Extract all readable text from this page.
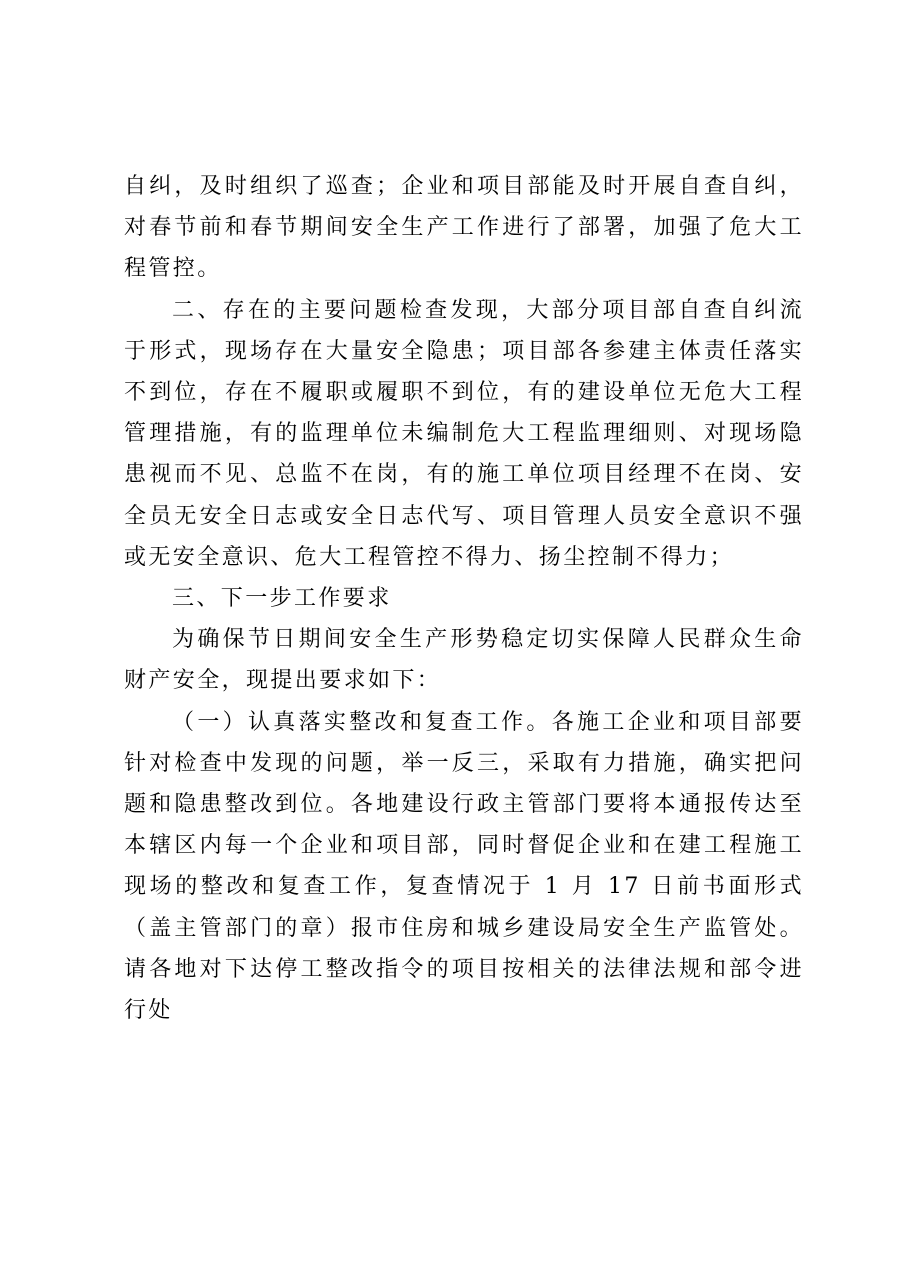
自纠，及时组织了巡查；企业和项目部能及时开展自查自纠，对春节前和春节期间安全生产工作进行了部署，加强了危大工程管控。

二、存在的主要问题检查发现，大部分项目部自查自纠流于形式，现场存在大量安全隐患；项目部各参建主体责任落实不到位，存在不履职或履职不到位，有的建设单位无危大工程管理措施，有的监理单位未编制危大工程监理细则、对现场隐患视而不见、总监不在岗，有的施工单位项目经理不在岗、安全员无安全日志或安全日志代写、项目管理人员安全意识不强或无安全意识、危大工程管控不得力、扬尘控制不得力；

三、下一步工作要求

为确保节日期间安全生产形势稳定切实保障人民群众生命财产安全，现提出要求如下：

（一）认真落实整改和复查工作。各施工企业和项目部要针对检查中发现的问题，举一反三，采取有力措施，确实把问题和隐患整改到位。各地建设行政主管部门要将本通报传达至本辖区内每一个企业和项目部，同时督促企业和在建工程施工现场的整改和复查工作，复查情况于 1 月 17 日前书面形式（盖主管部门的章）报市住房和城乡建设局安全生产监管处。请各地对下达停工整改指令的项目按相关的法律法规和部令进行处
